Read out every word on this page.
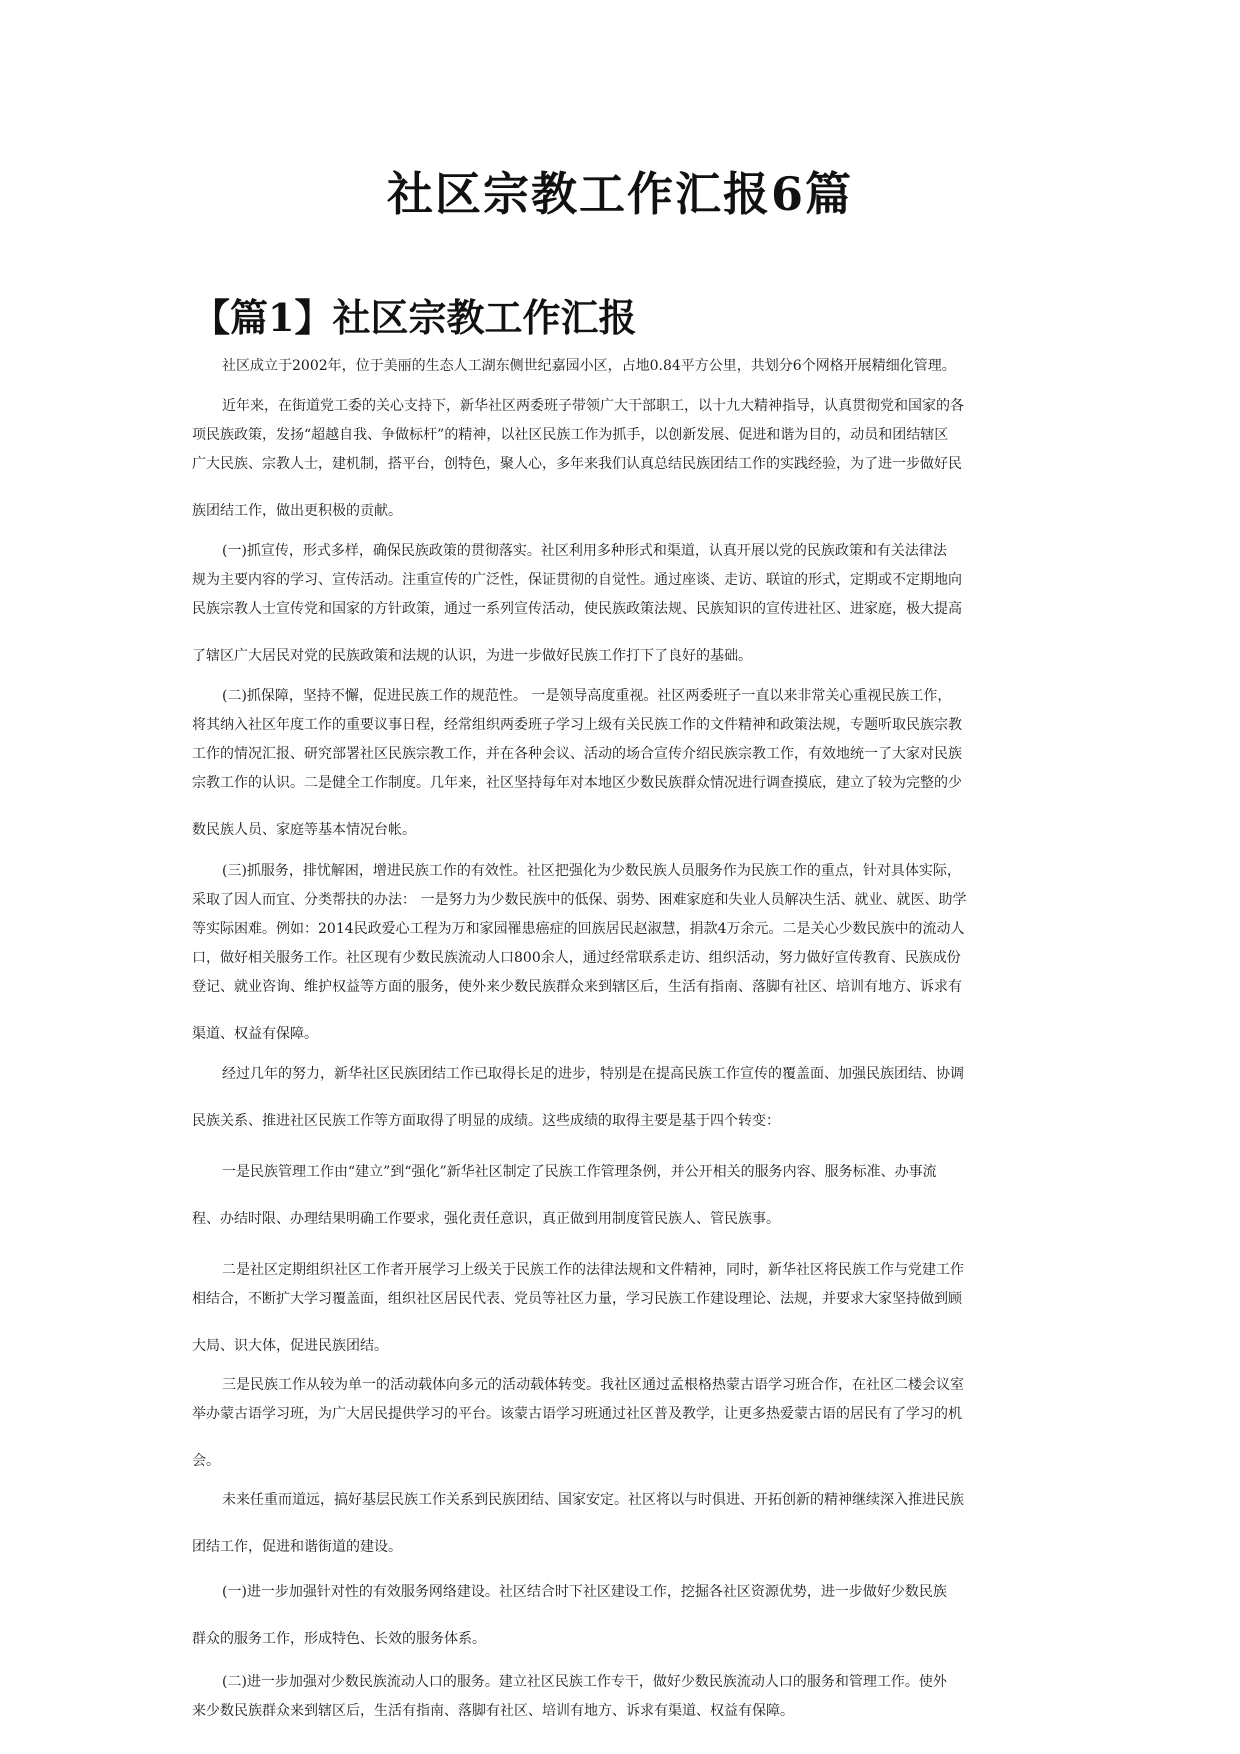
社区宗教工作汇报6篇
【篇1】社区宗教工作汇报

社区成立于2002年，位于美丽的生态人工湖东侧世纪嘉园小区，占地0.84平方公里，共划分6个网格开展精细化管理。

近年来，在街道党工委的关心支持下，新华社区两委班子带领广大干部职工，以十九大精神指导，认真贯彻党和国家的各
项民族政策，发扬“超越自我、争做标杆”的精神，以社区民族工作为抓手，以创新发展、促进和谐为目的，动员和团结辖区
广大民族、宗教人士，建机制，搭平台，创特色，聚人心，多年来我们认真总结民族团结工作的实践经验，为了进一步做好民
族团结工作，做出更积极的贡献。

(一)抓宣传，形式多样，确保民族政策的贯彻落实。社区利用多种形式和渠道，认真开展以党的民族政策和有关法律法
规为主要内容的学习、宣传活动。注重宣传的广泛性，保证贯彻的自觉性。通过座谈、走访、联谊的形式，定期或不定期地向
民族宗教人士宣传党和国家的方针政策，通过一系列宣传活动，使民族政策法规、民族知识的宣传进社区、进家庭，极大提高
了辖区广大居民对党的民族政策和法规的认识，为进一步做好民族工作打下了良好的基础。

(二)抓保障，坚持不懈，促进民族工作的规范性。 一是领导高度重视。社区两委班子一直以来非常关心重视民族工作，
将其纳入社区年度工作的重要议事日程，经常组织两委班子学习上级有关民族工作的文件精神和政策法规，专题听取民族宗教
工作的情况汇报、研究部署社区民族宗教工作，并在各种会议、活动的场合宣传介绍民族宗教工作，有效地统一了大家对民族
宗教工作的认识。二是健全工作制度。几年来，社区坚持每年对本地区少数民族群众情况进行调查摸底，建立了较为完整的少
数民族人员、家庭等基本情况台帐。

(三)抓服务，排忧解困，增进民族工作的有效性。社区把强化为少数民族人员服务作为民族工作的重点，针对具体实际，
采取了因人而宜、分类帮扶的办法： 一是努力为少数民族中的低保、弱势、困难家庭和失业人员解决生活、就业、就医、助学
等实际困难。例如：2014民政爱心工程为万和家园罹患癌症的回族居民赵淑慧，捐款4万余元。二是关心少数民族中的流动人
口，做好相关服务工作。社区现有少数民族流动人口800余人，通过经常联系走访、组织活动，努力做好宣传教育、民族成份
登记、就业咨询、维护权益等方面的服务，使外来少数民族群众来到辖区后，生活有指南、落脚有社区、培训有地方、诉求有
渠道、权益有保障。

经过几年的努力，新华社区民族团结工作已取得长足的进步，特别是在提高民族工作宣传的覆盖面、加强民族团结、协调
民族关系、推进社区民族工作等方面取得了明显的成绩。这些成绩的取得主要是基于四个转变：

一是民族管理工作由“建立”到“强化”新华社区制定了民族工作管理条例，并公开相关的服务内容、服务标准、办事流
程、办结时限、办理结果明确工作要求，强化责任意识，真正做到用制度管民族人、管民族事。

二是社区定期组织社区工作者开展学习上级关于民族工作的法律法规和文件精神，同时，新华社区将民族工作与党建工作
相结合，不断扩大学习覆盖面，组织社区居民代表、党员等社区力量，学习民族工作建设理论、法规，并要求大家坚持做到顾
大局、识大体，促进民族团结。

三是民族工作从较为单一的活动载体向多元的活动载体转变。我社区通过孟根格热蒙古语学习班合作，在社区二楼会议室
举办蒙古语学习班，为广大居民提供学习的平台。该蒙古语学习班通过社区普及教学，让更多热爱蒙古语的居民有了学习的机
会。

未来任重而道远，搞好基层民族工作关系到民族团结、国家安定。社区将以与时俱进、开拓创新的精神继续深入推进民族
团结工作，促进和谐街道的建设。

(一)进一步加强针对性的有效服务网络建设。社区结合时下社区建设工作，挖掘各社区资源优势，进一步做好少数民族
群众的服务工作，形成特色、长效的服务体系。

(二)进一步加强对少数民族流动人口的服务。建立社区民族工作专干，做好少数民族流动人口的服务和管理工作。使外
来少数民族群众来到辖区后，生活有指南、落脚有社区、培训有地方、诉求有渠道、权益有保障。
